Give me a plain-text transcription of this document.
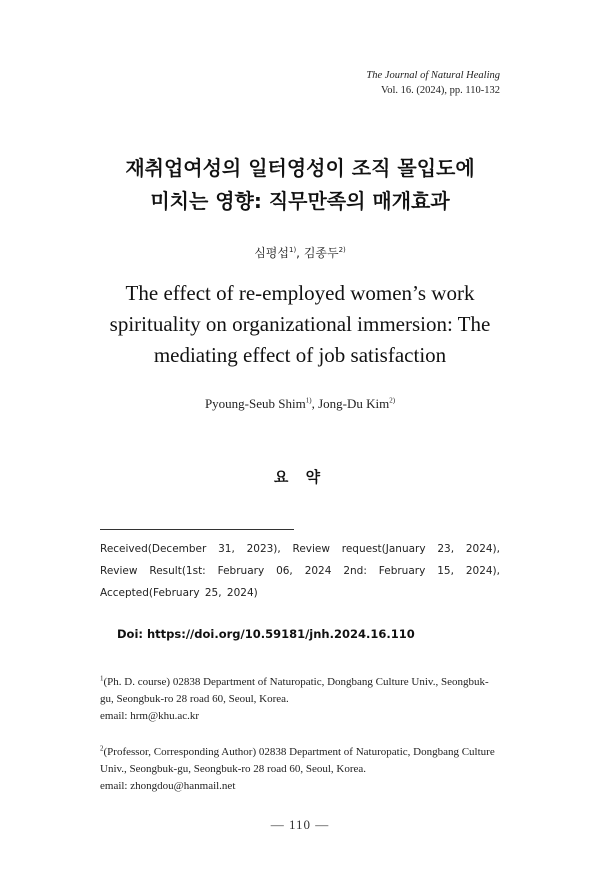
The Journal of Natural Healing
Vol. 16. (2024), pp. 110-132
재취업여성의 일터영성이 조직 몰입도에
미치는 영향: 직무만족의 매개효과
심평섭$^{1)}$, 김종두$^{2)}$
The effect of re-employed women’s work
spirituality on organizational immersion: The
mediating effect of job satisfaction
Pyoung-Seub Shim$^{1)}$, Jong-Du Kim$^{2)}$
요 약
Received(December 31, 2023), Review request(January 23, 2024), Review Result(1st: February 06, 2024 2nd: February 15, 2024), Accepted(February 25, 2024)
Doi: https://doi.org/10.59181/jnh.2024.16.110
$^1$(Ph. D. course) 02838 Department of Naturopatic, Dongbang Culture Univ., Seongbuk-gu, Seongbuk-ro 28 road 60, Seoul, Korea.
email: hrm@khu.ac.kr
$^2$(Professor, Corresponding Author) 02838 Department of Naturopatic, Dongbang Culture Univ., Seongbuk-gu, Seongbuk-ro 28 road 60, Seoul, Korea.
email: zhongdou@hanmail.net
— 110 —
